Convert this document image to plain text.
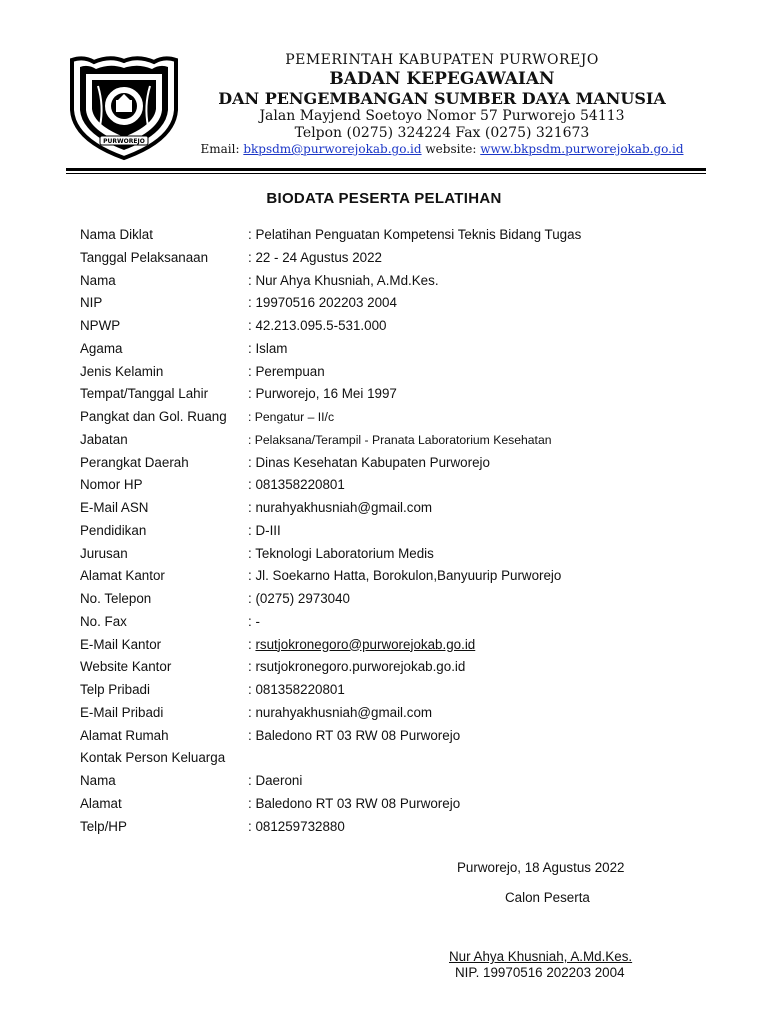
PURWOREJO
PEMERINTAH KABUPATEN PURWOREJO
BADAN KEPEGAWAIAN
DAN PENGEMBANGAN SUMBER DAYA MANUSIA
Jalan Mayjend Soetoyo Nomor 57 Purworejo 54113
Telpon (0275) 324224 Fax (0275) 321673
Email: bkpsdm@purworejokab.go.id website: www.bkpsdm.purworejokab.go.id
BIODATA PESERTA PELATIHAN
Nama Diklat	: Pelatihan Penguatan Kompetensi Teknis Bidang Tugas
Tanggal Pelaksanaan	: 22 - 24 Agustus 2022
Nama	: Nur Ahya Khusniah, A.Md.Kes.
NIP	: 19970516 202203 2004
NPWP	: 42.213.095.5-531.000
Agama	: Islam
Jenis Kelamin	: Perempuan
Tempat/Tanggal Lahir	: Purworejo, 16 Mei 1997
Pangkat dan Gol. Ruang : Pengatur – II/c
Jabatan	: Pelaksana/Terampil - Pranata Laboratorium Kesehatan
Perangkat Daerah	: Dinas Kesehatan Kabupaten Purworejo
Nomor HP	: 081358220801
E-Mail ASN	: nurahyakhusniah@gmail.com
Pendidikan	: D-III
Jurusan	: Teknologi Laboratorium Medis
Alamat Kantor	: Jl. Soekarno Hatta, Borokulon,Banyuurip Purworejo
No. Telepon	: (0275) 2973040
No. Fax	: -
E-Mail Kantor	: rsutjokronegoro@purworejokab.go.id
Website Kantor	: rsutjokronegoro.purworejokab.go.id
Telp Pribadi	: 081358220801
E-Mail Pribadi	: nurahyakhusniah@gmail.com
Alamat Rumah	: Baledono RT 03 RW 08 Purworejo
Kontak Person Keluarga
Nama	: Daeroni
Alamat	: Baledono RT 03 RW 08 Purworejo
Telp/HP	: 081259732880
Purworejo, 18 Agustus 2022
Calon Peserta
Nur Ahya Khusniah, A.Md.Kes.
NIP. 19970516 202203 2004
